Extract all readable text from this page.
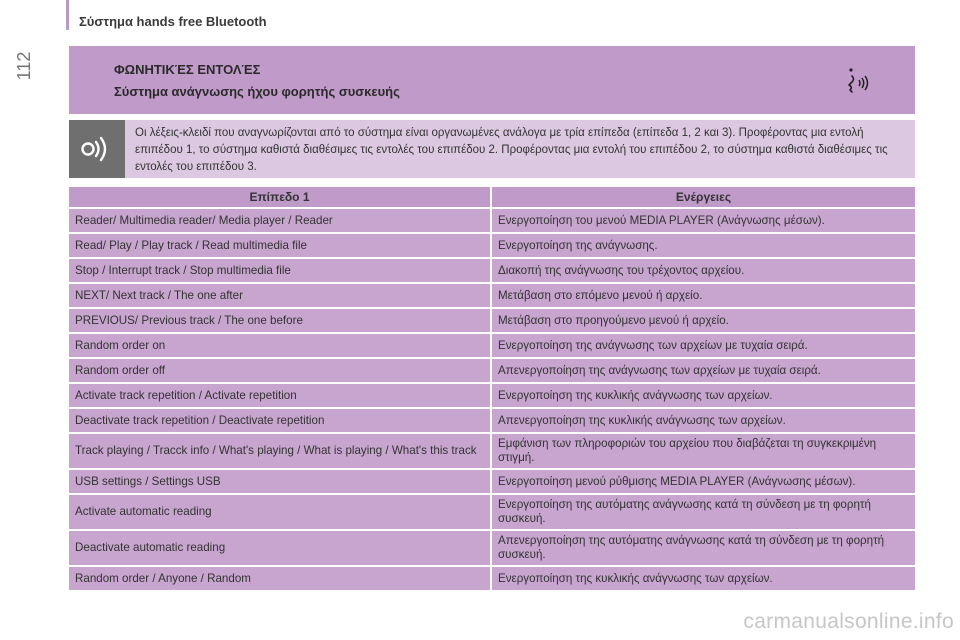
112
Σύστημα hands free Bluetooth
ΦΩΝΗΤΙΚΈΣ ΕΝΤΟΛΈΣ
Σύστημα ανάγνωσης ήχου φορητής συσκευής
Οι λέξεις-κλειδί που αναγνωρίζονται από το σύστημα είναι οργανωμένες ανάλογα με τρία επίπεδα (επίπεδα 1, 2 και 3). Προφέροντας μια εντολή επιπέδου 1, το σύστημα καθιστά διαθέσιμες τις εντολές του επιπέδου 2. Προφέροντας μια εντολή του επιπέδου 2, το σύστημα καθιστά διαθέσιμες τις εντολές του επιπέδου 3.
Επίπεδο 1	Ενέργειες
Reader/ Multimedia reader/ Media player / Reader	Ενεργοποίηση του μενού MEDIA PLAYER (Ανάγνωσης μέσων).
Read/ Play / Play track / Read multimedia file	Ενεργοποίηση της ανάγνωσης.
Stop / Interrupt track / Stop multimedia file	Διακοπή της ανάγνωσης του τρέχοντος αρχείου.
NEXT/ Next track / The one after	Μετάβαση στο επόμενο μενού ή αρχείο.
PREVIOUS/ Previous track / The one before	Μετάβαση στο προηγούμενο μενού ή αρχείο.
Random order on	Ενεργοποίηση της ανάγνωσης των αρχείων με τυχαία σειρά.
Random order off	Απενεργοποίηση της ανάγνωσης των αρχείων με τυχαία σειρά.
Activate track repetition / Activate repetition	Ενεργοποίηση της κυκλικής ανάγνωσης των αρχείων.
Deactivate track repetition / Deactivate repetition	Απενεργοποίηση της κυκλικής ανάγνωσης των αρχείων.
Track playing / Tracck info / What's playing / What is playing / What's this track	Εμφάνιση των πληροφοριών του αρχείου που διαβάζεται τη συγκεκριμένη στιγμή.
USB settings / Settings USB	Ενεργοποίηση μενού ρύθμισης MEDIA PLAYER (Ανάγνωσης μέσων).
Activate automatic reading	Ενεργοποίηση της αυτόματης ανάγνωσης κατά τη σύνδεση με τη φορητή συσκευή.
Deactivate automatic reading	Απενεργοποίηση της αυτόματης ανάγνωσης κατά τη σύνδεση με τη φορητή συσκευή.
Random order / Anyone / Random	Ενεργοποίηση της κυκλικής ανάγνωσης των αρχείων.
carmanualsonline.info
